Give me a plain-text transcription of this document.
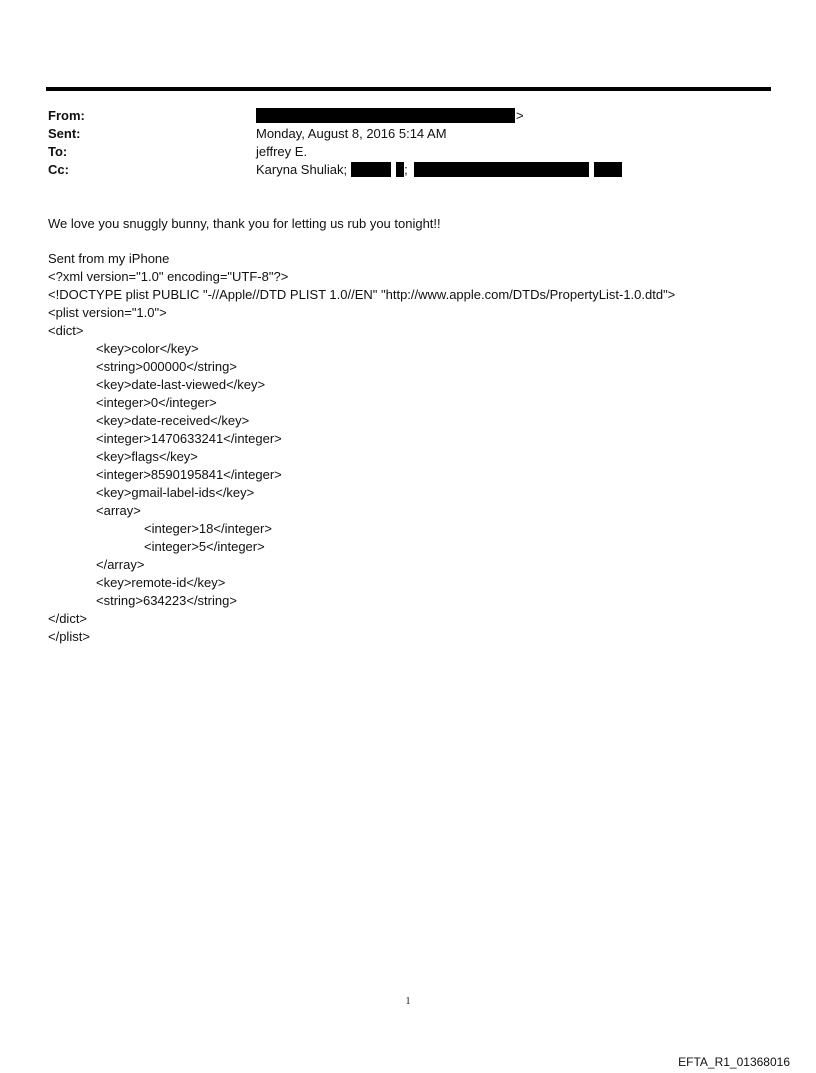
From:	>
Sent:	Monday, August 8, 2016 5:14 AM
To:	jeffrey E.
Cc:	Karyna Shuliak;	;
We love you snuggly bunny, thank you for letting us rub you tonight!!
Sent from my iPhone
<?xml version="1.0" encoding="UTF-8"?>
<!DOCTYPE plist PUBLIC "-//Apple//DTD PLIST 1.0//EN" "http://www.apple.com/DTDs/PropertyList-1.0.dtd">
<plist version="1.0">
<dict>
<key>color</key>
<string>000000</string>
<key>date-last-viewed</key>
<integer>0</integer>
<key>date-received</key>
<integer>1470633241</integer>
<key>flags</key>
<integer>8590195841</integer>
<key>gmail-label-ids</key>
<array>
<integer>18</integer>
<integer>5</integer>
</array>
<key>remote-id</key>
<string>634223</string>
</dict>
</plist>
1
EFTA_R1_01368016
